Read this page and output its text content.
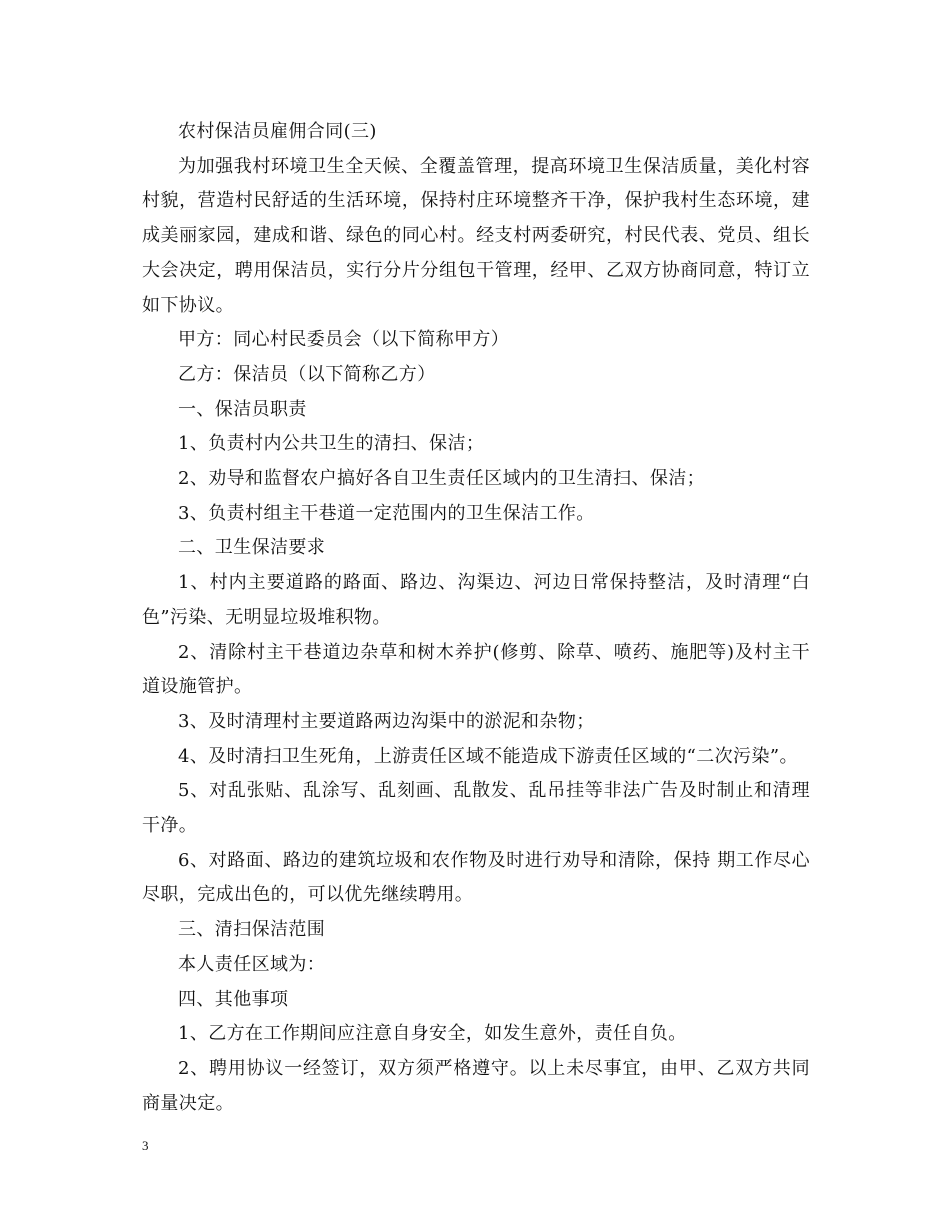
农村保洁员雇佣合同(三)

为加强我村环境卫生全天候、全覆盖管理，提高环境卫生保洁质量，美化村容村貌，营造村民舒适的生活环境，保持村庄环境整齐干净，保护我村生态环境，建成美丽家园，建成和谐、绿色的同心村。经支村两委研究，村民代表、党员、组长大会决定，聘用保洁员，实行分片分组包干管理，经甲、乙双方协商同意，特订立如下协议。

甲方：同心村民委员会（以下简称甲方）

乙方：保洁员（以下简称乙方）

一、保洁员职责

1、负责村内公共卫生的清扫、保洁；

2、劝导和监督农户搞好各自卫生责任区域内的卫生清扫、保洁；

3、负责村组主干巷道一定范围内的卫生保洁工作。

二、卫生保洁要求

1、村内主要道路的路面、路边、沟渠边、河边日常保持整洁，及时清理“白色”污染、无明显垃圾堆积物。

2、清除村主干巷道边杂草和树木养护(修剪、除草、喷药、施肥等)及村主干道设施管护。

3、及时清理村主要道路两边沟渠中的淤泥和杂物；

4、及时清扫卫生死角，上游责任区域不能造成下游责任区域的“二次污染”。

5、对乱张贴、乱涂写、乱刻画、乱散发、乱吊挂等非法广告及时制止和清理干净。

6、对路面、路边的建筑垃圾和农作物及时进行劝导和清除，保持 期工作尽心尽职，完成出色的，可以优先继续聘用。

三、清扫保洁范围

本人责任区域为：

四、其他事项

1、乙方在工作期间应注意自身安全，如发生意外，责任自负。

2、聘用协议一经签订，双方须严格遵守。以上未尽事宜，由甲、乙双方共同商量决定。

3
